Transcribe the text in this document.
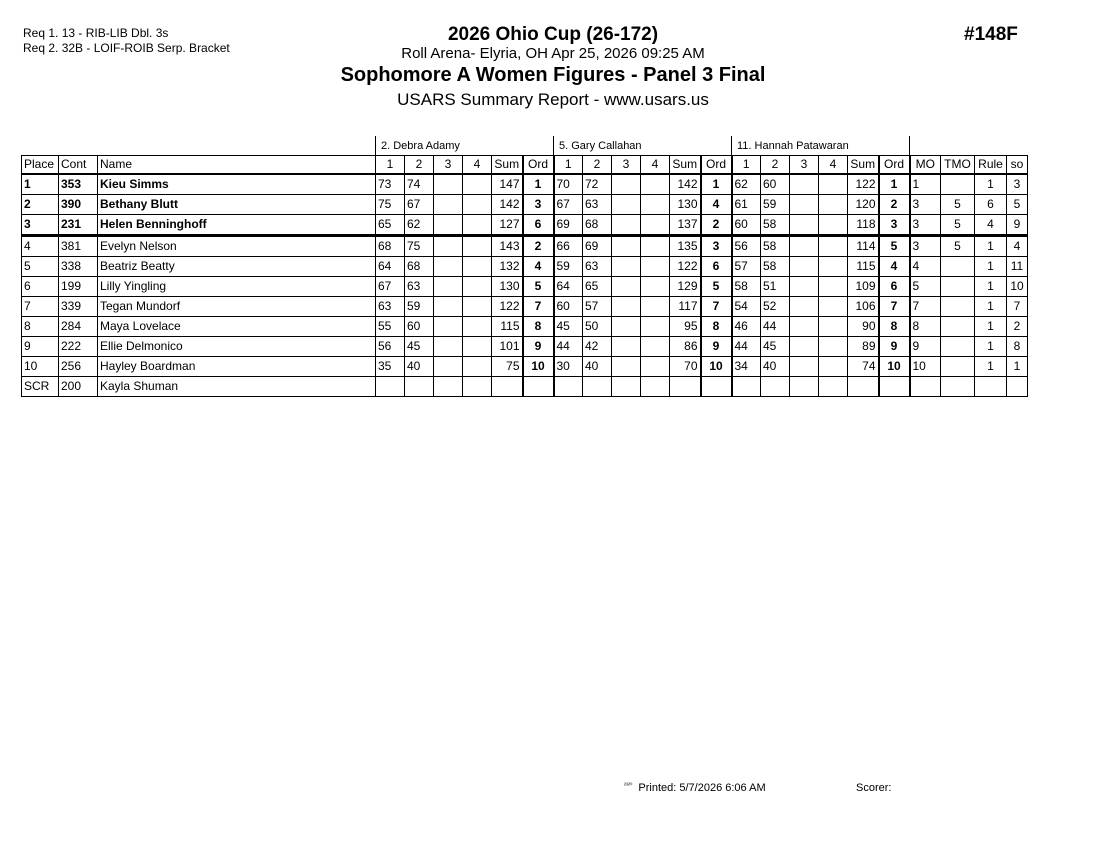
Req 1. 13 - RIB-LIB Dbl. 3s
Req 2. 32B - LOIF-ROIB Serp. Bracket
#148F
2026 Ohio Cup (26-172)
Roll Arena- Elyria, OH Apr 25, 2026 09:25 AM
Sophomore A Women Figures - Panel 3 Final
USARS Summary Report - www.usars.us
			2. Debra Adamy						5. Gary Callahan						11. Hannah Patawaran									
Place	Cont	Name	1	2	3	4	Sum	Ord	1	2	3	4	Sum	Ord	1	2	3	4	Sum	Ord	MO	TMO	Rule	so
1	353	Kieu Simms	73	74			147	1	70	72			142	1	62	60			122	1	1		1	3
2	390	Bethany Blutt	75	67			142	3	67	63			130	4	61	59			120	2	3	5	6	5
3	231	Helen Benninghoff	65	62			127	6	69	68			137	2	60	58			118	3	3	5	4	9
4	381	Evelyn Nelson	68	75			143	2	66	69			135	3	56	58			114	5	3	5	1	4
5	338	Beatriz Beatty	64	68			132	4	59	63			122	6	57	58			115	4	4		1	11
6	199	Lilly Yingling	67	63			130	5	64	65			129	5	58	51			109	6	5		1	10
7	339	Tegan Mundorf	63	59			122	7	60	57			117	7	54	52			106	7	7		1	7
8	284	Maya Lovelace	55	60			115	8	45	50			95	8	46	44			90	8	8		1	2
9	222	Ellie Delmonico	56	45			101	9	44	42			86	9	44	45			89	9	9		1	8
10	256	Hayley Boardman	35	40			75	10	30	40			70	10	34	40			74	10	10		1	1
SCR	200	Kayla Shuman																						
$^{^{2320}}$ Printed: 5/7/2026 6:06 AM	Scorer:
